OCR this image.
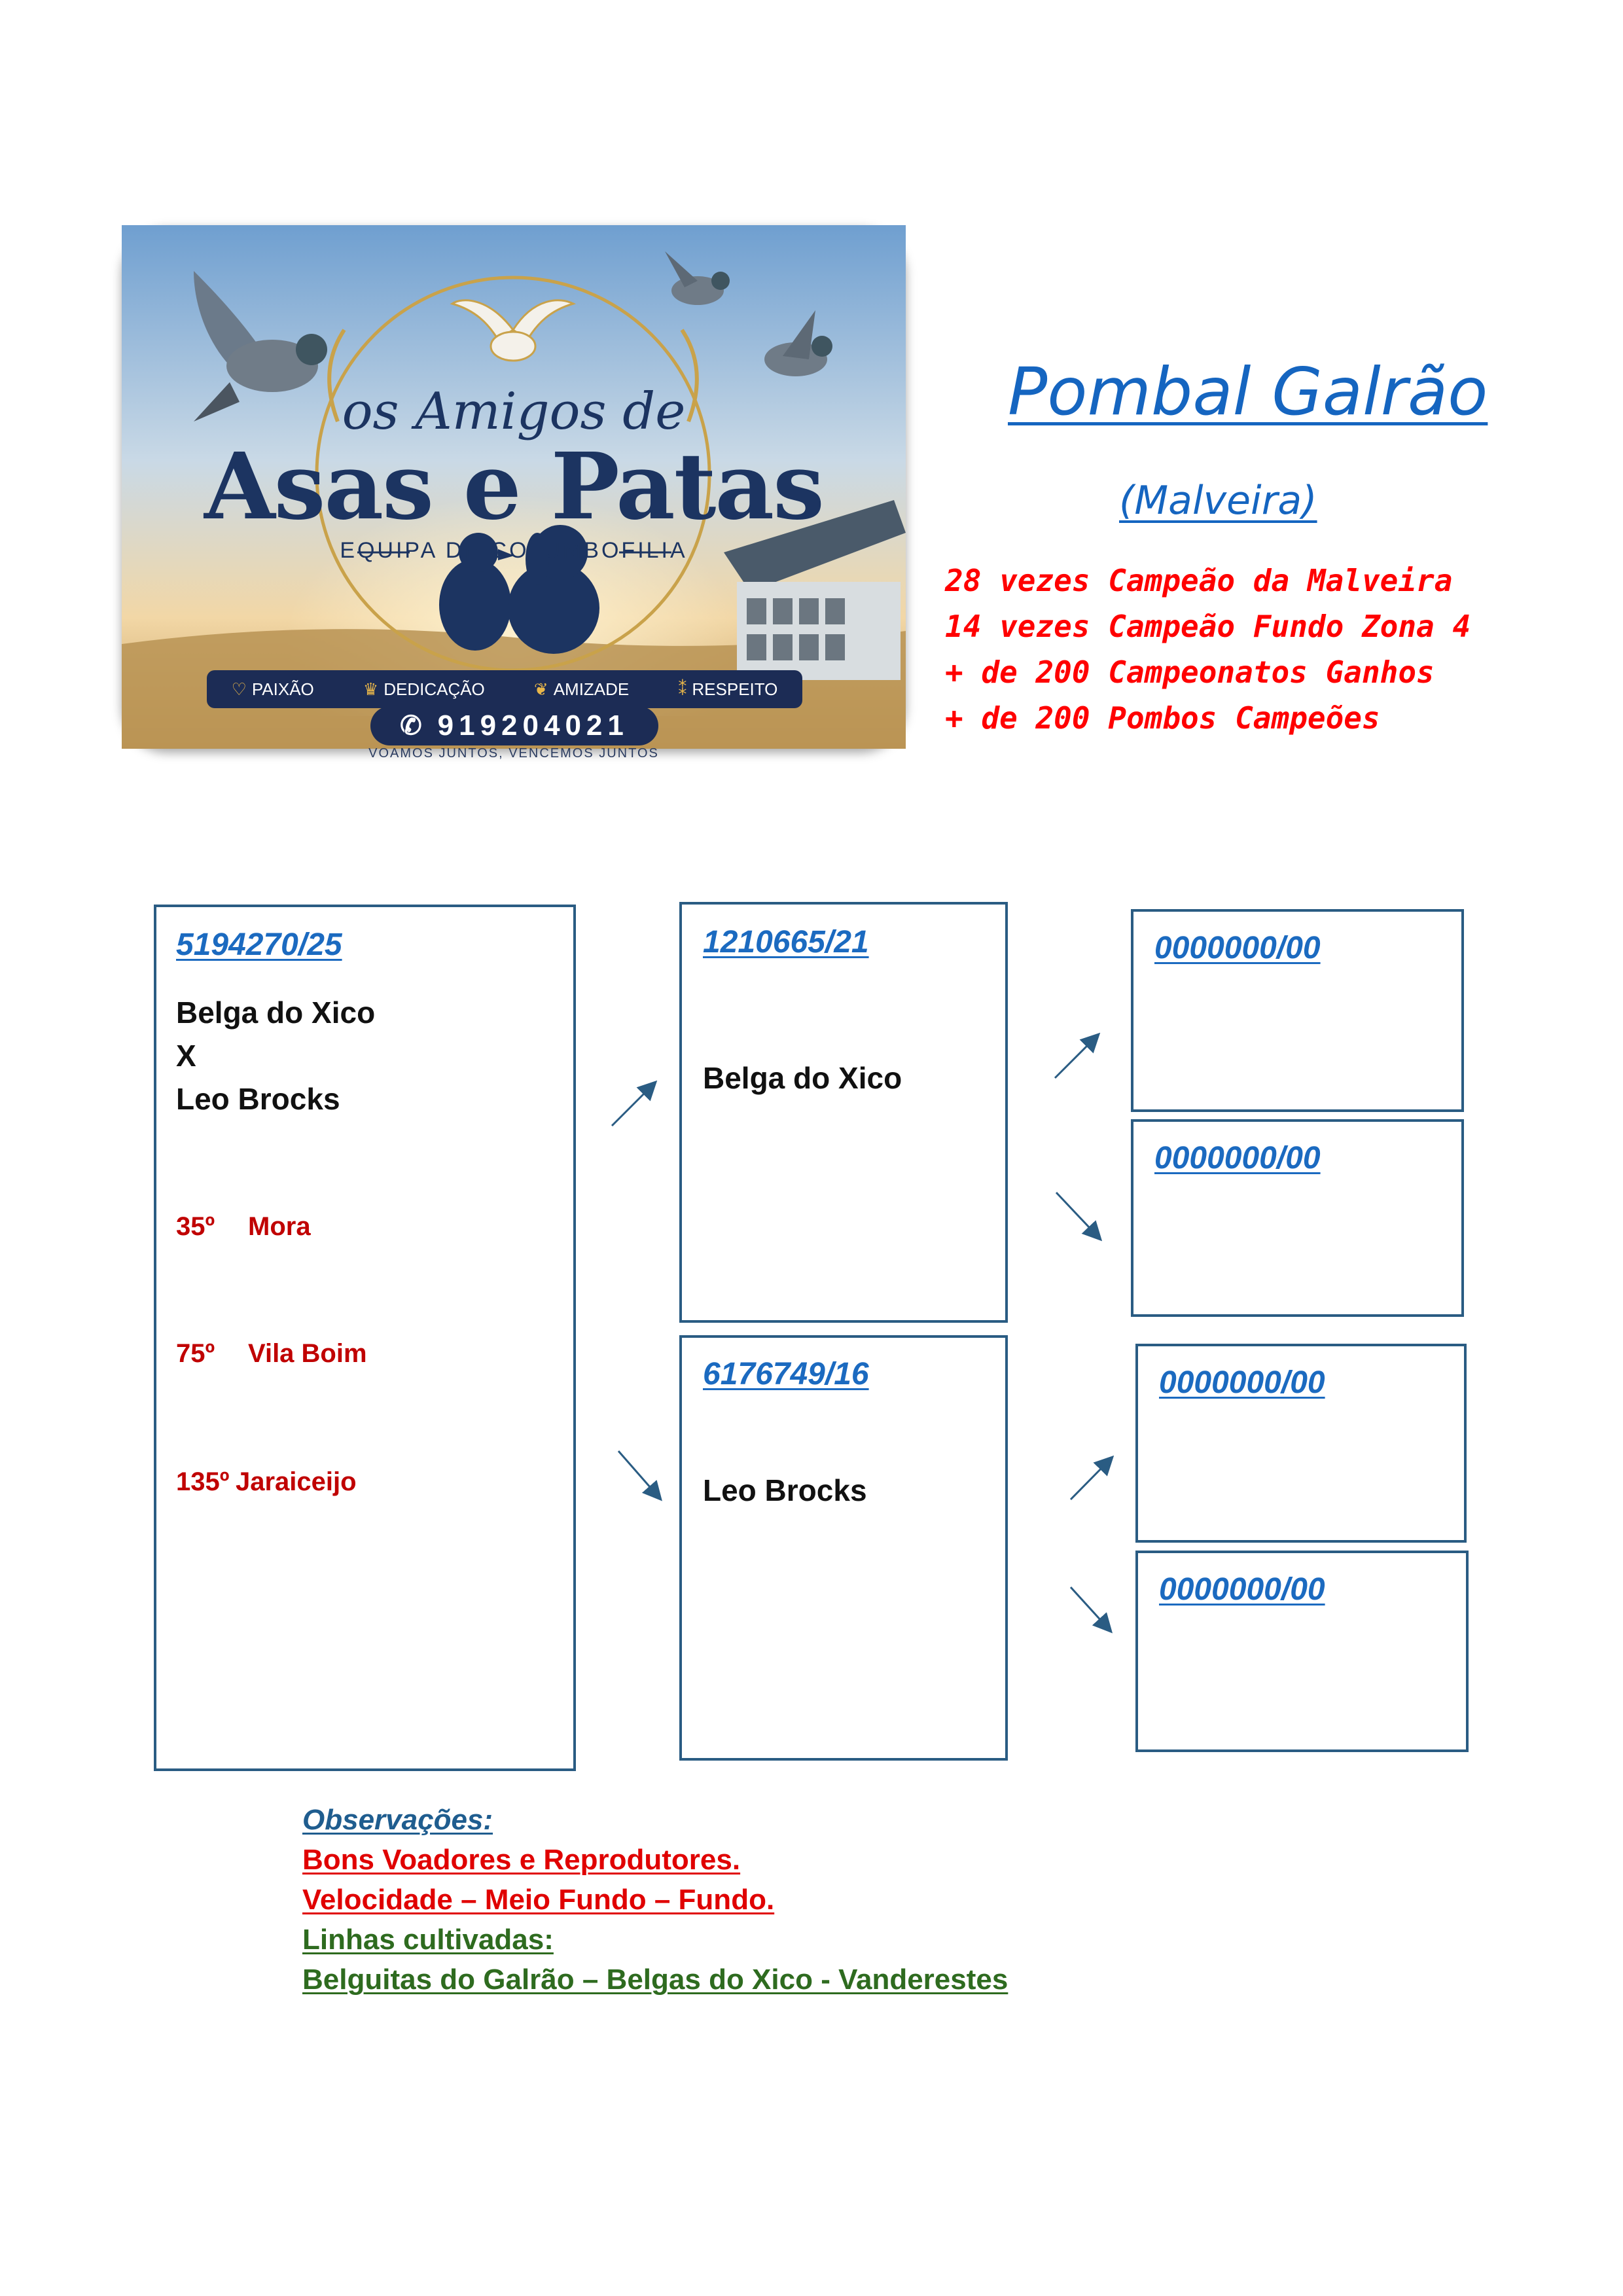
os Amigos de
Asas e Patas
EQUIPA DE COLUMBOFILIA
♡ PAIXÃO	♛ DEDICAÇÃO	❦ AMIZADE	⁑ RESPEITO
✆ 919204021
VOAMOS JUNTOS, VENCEMOS JUNTOS
Pombal Galrão
(Malveira)
28 vezes Campeão da Malveira
14 vezes Campeão Fundo Zona 4
+ de 200 Campeonatos Ganhos
+ de 200 Pombos Campeões
5194270/25
Belga do Xico
X
Leo Brocks
35º Mora
75º Vila Boim
135º Jaraiceijo
1210665/21
Belga do Xico
6176749/16
Leo Brocks
0000000/00
0000000/00
0000000/00
0000000/00
Observações:
Bons Voadores e Reprodutores.
Velocidade – Meio Fundo – Fundo.
Linhas cultivadas:
Belguitas do Galrão – Belgas do Xico - Vanderestes
